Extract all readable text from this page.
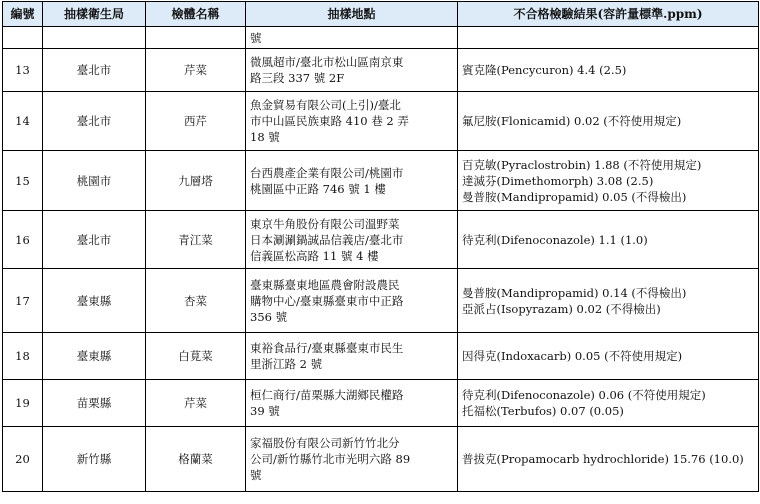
編號	抽樣衛生局	檢體名稱	抽樣地點	不合格檢驗結果(容許量標準.ppm)

			號	

13	臺北市	芹菜	微風超市/臺北市松山區南京東
路三段 337 號 2F	賓克隆(Pencycuron) 4.4 (2.5)

14	臺北市	西芹	魚金貿易有限公司(上引)/臺北
市中山區民族東路 410 巷 2 弄
18 號	氟尼胺(Flonicamid) 0.02 (不符使用規定)

15	桃園市	九層塔	台西農產企業有限公司/桃園市
桃園區中正路 746 號 1 樓	百克敏(Pyraclostrobin) 1.88 (不符使用規定)
達滅芬(Dimethomorph) 3.08 (2.5)
曼普胺(Mandipropamid) 0.05 (不得檢出)

16	臺北市	青江菜	東京牛角股份有限公司溫野菜
日本涮涮鍋誠品信義店/臺北市
信義區松高路 11 號 4 樓	待克利(Difenoconazole) 1.1 (1.0)

17	臺東縣	杏菜	臺東縣臺東地區農會附設農民
購物中心/臺東縣臺東市中正路
356 號	曼普胺(Mandipropamid) 0.14 (不得檢出)
亞派占(Isopyrazam) 0.02 (不得檢出)

18	臺東縣	白莧菜	東裕食品行/臺東縣臺東市民生
里浙江路 2 號	因得克(Indoxacarb) 0.05 (不符使用規定)

19	苗栗縣	芹菜	桓仁商行/苗栗縣大湖鄉民權路
39 號	待克利(Difenoconazole) 0.06 (不符使用規定)
托福松(Terbufos) 0.07 (0.05)

20	新竹縣	格蘭菜	家福股份有限公司新竹竹北分
公司/新竹縣竹北市光明六路 89
號	普拔克(Propamocarb hydrochloride) 15.76 (10.0)
